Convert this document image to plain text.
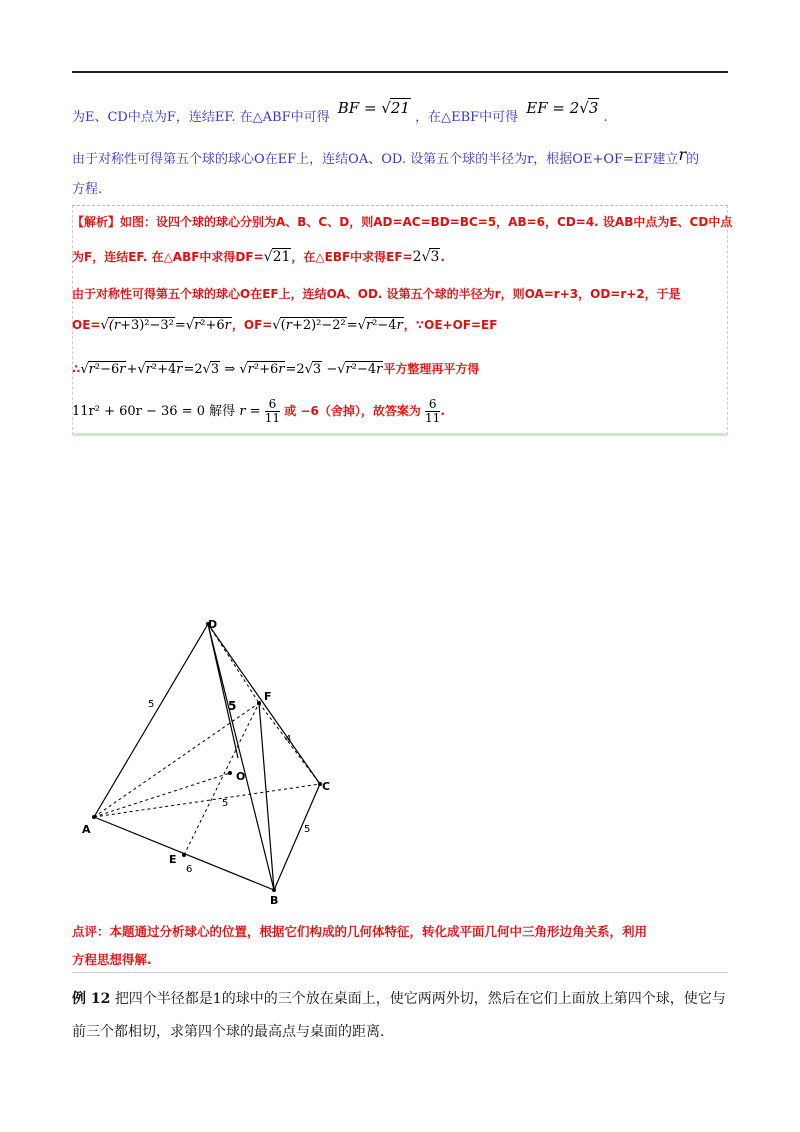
为E、CD中点为F，连结EF. 在△ABF中可得 BF = √21 ，在△EBF中可得 EF = 2√3 .
由于对称性可得第五个球的球心O在EF上，连结OA、OD. 设第五个球的半径为r，根据OE+OF=EF建立r的
方程.
【解析】如图：设四个球的球心分别为A、B、C、D，则AD=AC=BD=BC=5，AB=6，CD=4. 设AB中点为E、CD中点
为F，连结EF. 在△ABF中求得DF=√21，在△EBF中求得EF=2√3.
由于对称性可得第五个球的球心O在EF上，连结OA、OD. 设第五个球的半径为r，则OA=r+3，OD=r+2，于是
OE=√(r+3)²−3²=√r²+6r，OF=√(r+2)²−2²=√r²−4r，∵OE+OF=EF
∴√r²−6r+√r²+4r=2√3 ⇒ √r²+6r=2√3 −√r²−4r平方整理再平方得
11r² + 60r − 36 = 0 解得 $r = \frac{6}{11}$ 或 −6（舍掉），故答案为 $\frac{6}{11}$ .
A
B
C
D
E
F
O
5	5
4
5
5
6
点评：本题通过分析球心的位置，根据它们构成的几何体特征，转化成平面几何中三角形边角关系，利用
方程思想得解.
例 12 把四个半径都是1的球中的三个放在桌面上，使它两两外切，然后在它们上面放上第四个球，使它与
前三个都相切，求第四个球的最高点与桌面的距离.
